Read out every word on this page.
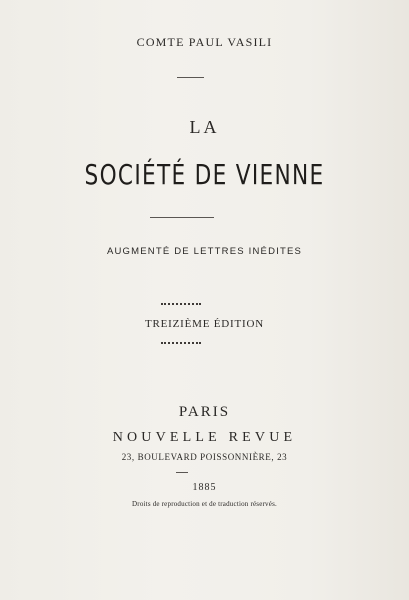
COMTE PAUL VASILI
LA
SOCIÉTÉ DE VIENNE
AUGMENTÉ DE LETTRES INÉDITES
TREIZIÈME ÉDITION
PARIS
NOUVELLE REVUE
23, BOULEVARD POISSONNIÈRE, 23
1885
Droits de reproduction et de traduction réservés.
